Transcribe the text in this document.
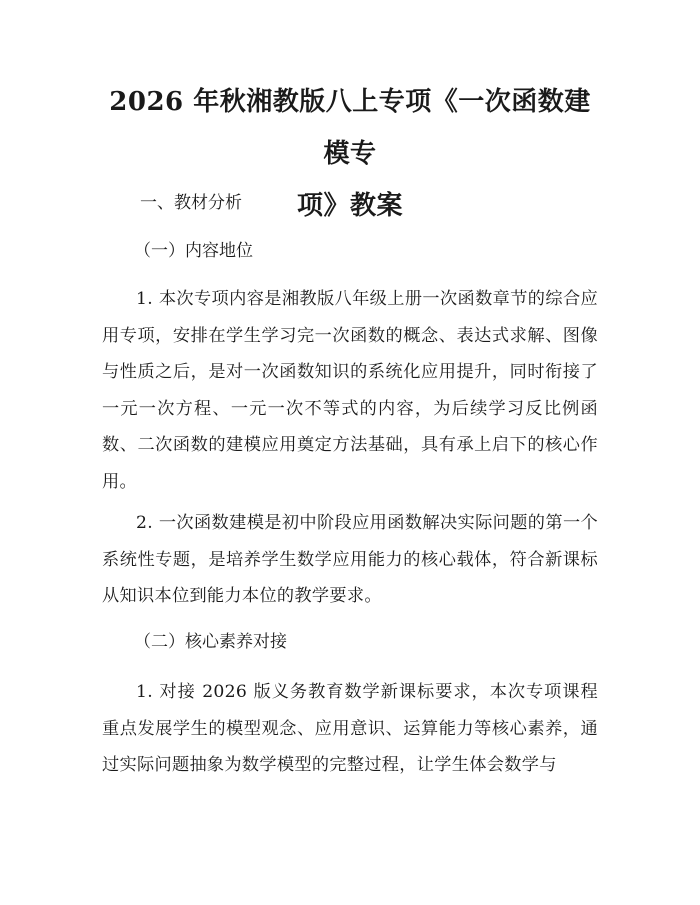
2026 年秋湘教版八上专项《一次函数建模专
项》教案
一、教材分析
（一）内容地位
1. 本次专项内容是湘教版八年级上册一次函数章节的综合应用专项，安排在学生学习完一次函数的概念、表达式求解、图像与性质之后，是对一次函数知识的系统化应用提升，同时衔接了一元一次方程、一元一次不等式的内容，为后续学习反比例函数、二次函数的建模应用奠定方法基础，具有承上启下的核心作用。
2. 一次函数建模是初中阶段应用函数解决实际问题的第一个系统性专题，是培养学生数学应用能力的核心载体，符合新课标从知识本位到能力本位的教学要求。
（二）核心素养对接
1. 对接 2026 版义务教育数学新课标要求，本次专项课程重点发展学生的模型观念、应用意识、运算能力等核心素养，通过实际问题抽象为数学模型的完整过程，让学生体会数学与
